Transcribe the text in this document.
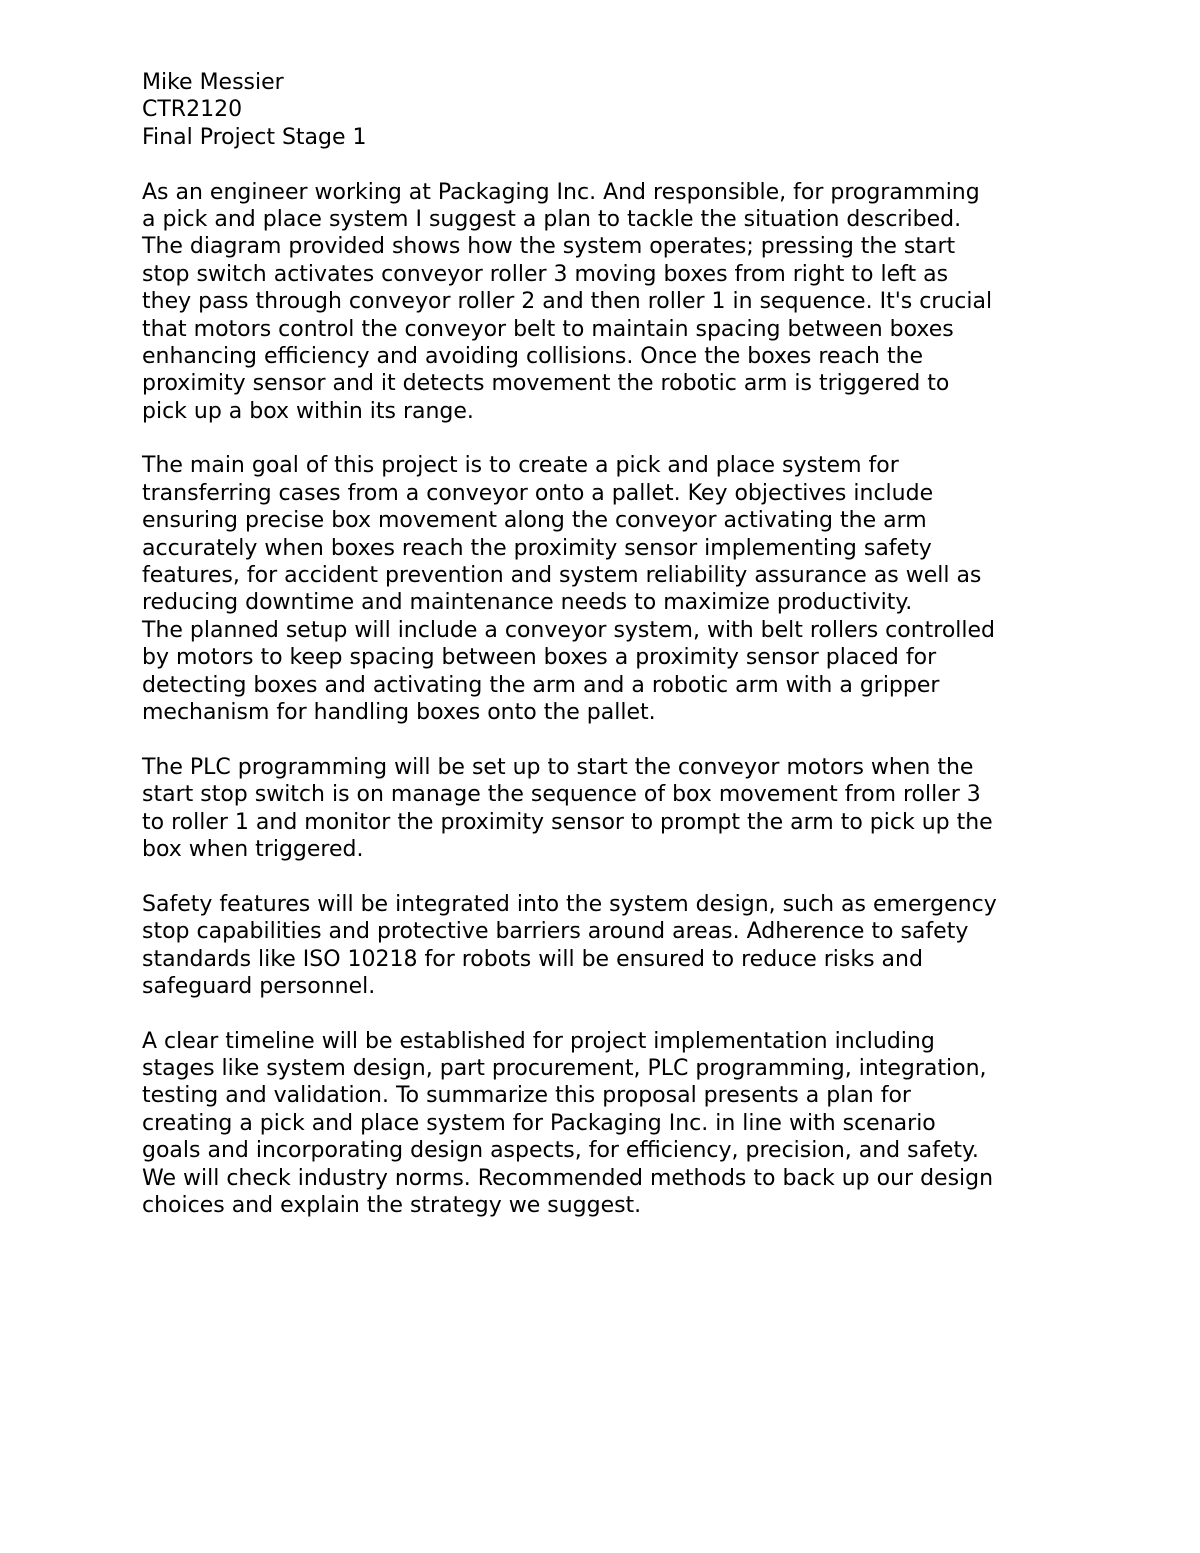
Mike Messier
CTR2120
Final Project Stage 1
As an engineer working at Packaging Inc. And responsible, for programming
a pick and place system I suggest a plan to tackle the situation described.
The diagram provided shows how the system operates; pressing the start
stop switch activates conveyor roller 3 moving boxes from right to left as
they pass through conveyor roller 2 and then roller 1 in sequence. It's crucial
that motors control the conveyor belt to maintain spacing between boxes
enhancing efficiency and avoiding collisions. Once the boxes reach the
proximity sensor and it detects movement the robotic arm is triggered to
pick up a box within its range.
The main goal of this project is to create a pick and place system for
transferring cases from a conveyor onto a pallet. Key objectives include
ensuring precise box movement along the conveyor activating the arm
accurately when boxes reach the proximity sensor implementing safety
features, for accident prevention and system reliability assurance as well as
reducing downtime and maintenance needs to maximize productivity.
The planned setup will include a conveyor system, with belt rollers controlled
by motors to keep spacing between boxes a proximity sensor placed for
detecting boxes and activating the arm and a robotic arm with a gripper
mechanism for handling boxes onto the pallet.
The PLC programming will be set up to start the conveyor motors when the
start stop switch is on manage the sequence of box movement from roller 3
to roller 1 and monitor the proximity sensor to prompt the arm to pick up the
box when triggered.
Safety features will be integrated into the system design, such as emergency
stop capabilities and protective barriers around areas. Adherence to safety
standards like ISO 10218 for robots will be ensured to reduce risks and
safeguard personnel.
A clear timeline will be established for project implementation including
stages like system design, part procurement, PLC programming, integration,
testing and validation. To summarize this proposal presents a plan for
creating a pick and place system for Packaging Inc. in line with scenario
goals and incorporating design aspects, for efficiency, precision, and safety.
We will check industry norms. Recommended methods to back up our design
choices and explain the strategy we suggest.
